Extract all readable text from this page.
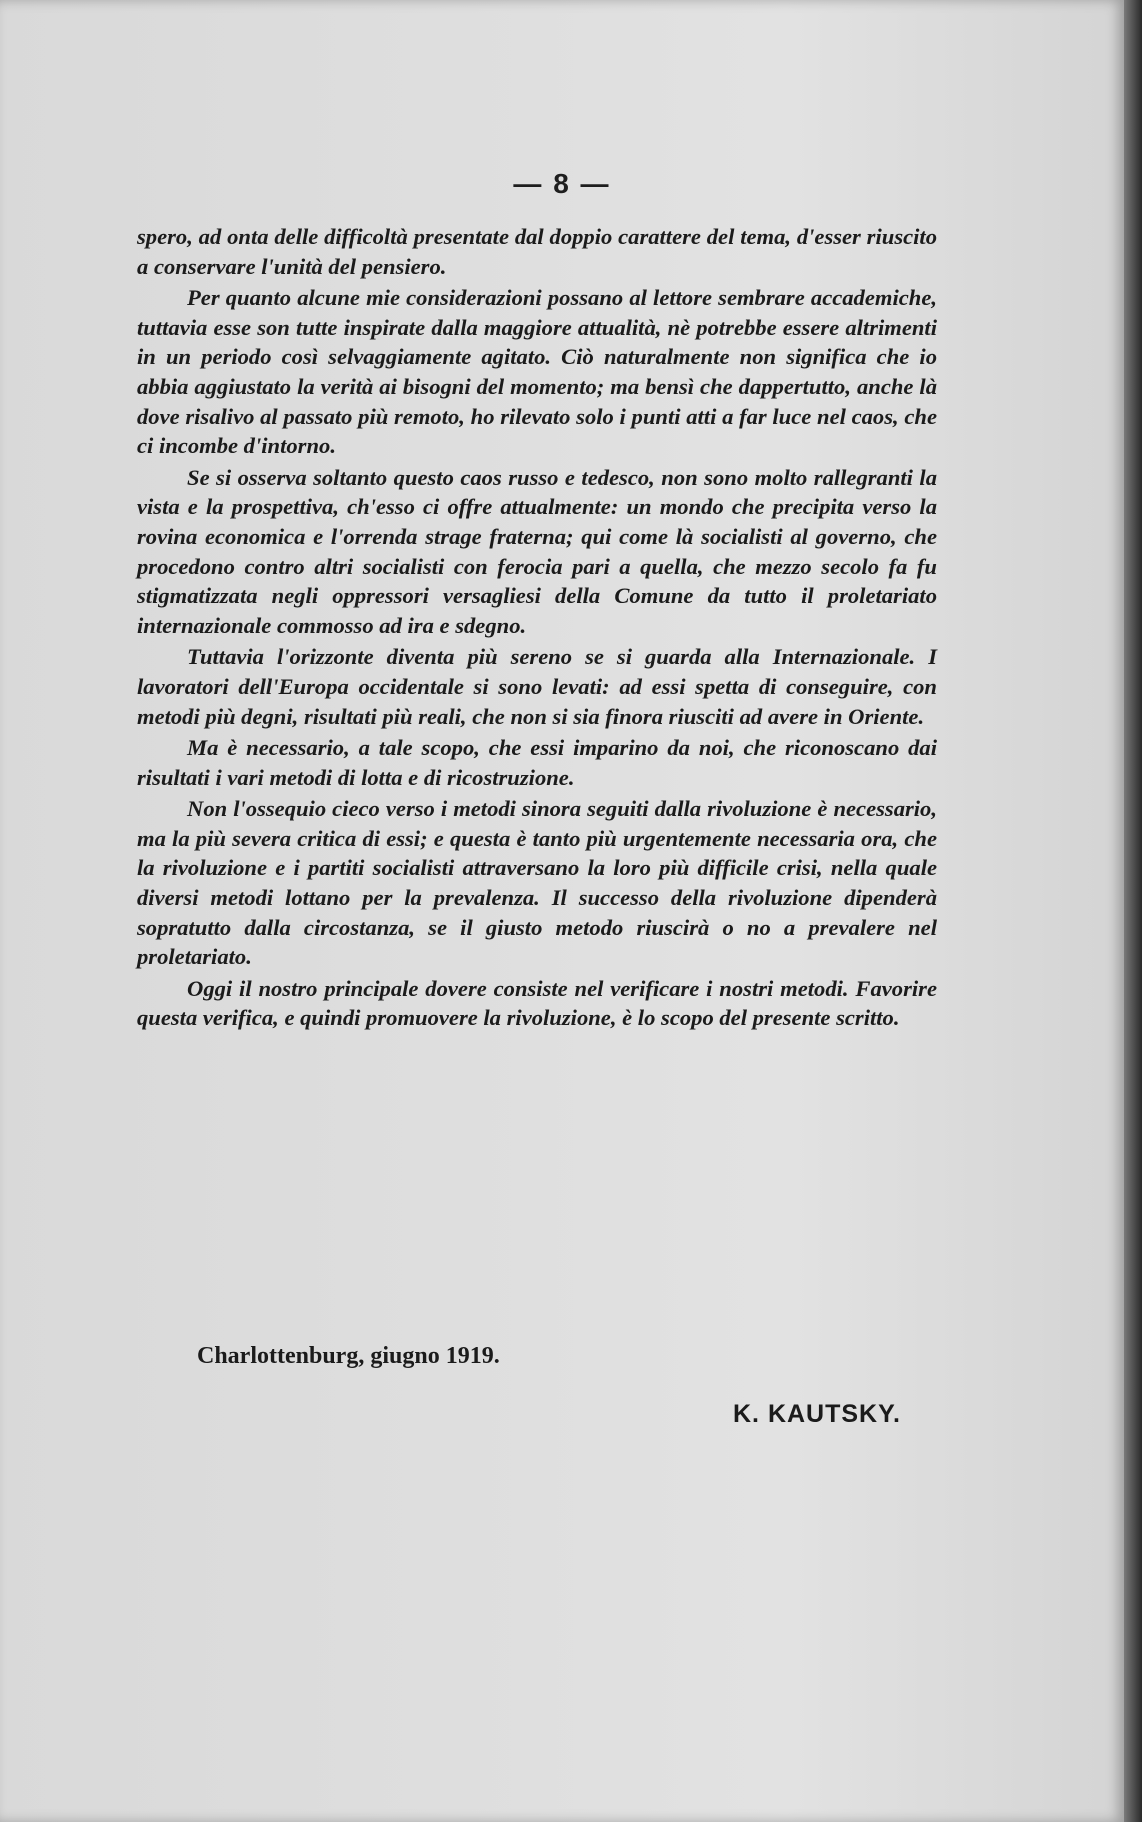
— 8 —

spero, ad onta delle difficoltà presentate dal doppio carattere del tema, d'esser riuscito a conservare l'unità del pensiero.

Per quanto alcune mie considerazioni possano al lettore sembrare accademiche, tuttavia esse son tutte inspirate dalla maggiore attualità, nè potrebbe essere altrimenti in un periodo così selvaggiamente agitato. Ciò naturalmente non significa che io abbia aggiustato la verità ai bisogni del momento; ma bensì che dappertutto, anche là dove risalivo al passato più remoto, ho rilevato solo i punti atti a far luce nel caos, che ci incombe d'intorno.

Se si osserva soltanto questo caos russo e tedesco, non sono molto rallegranti la vista e la prospettiva, ch'esso ci offre attualmente: un mondo che precipita verso la rovina economica e l'orrenda strage fraterna; qui come là socialisti al governo, che procedono contro altri socialisti con ferocia pari a quella, che mezzo secolo fa fu stigmatizzata negli oppressori versagliesi della Comune da tutto il proletariato internazionale commosso ad ira e sdegno.

Tuttavia l'orizzonte diventa più sereno se si guarda alla Internazionale. I lavoratori dell'Europa occidentale si sono levati: ad essi spetta di conseguire, con metodi più degni, risultati più reali, che non si sia finora riusciti ad avere in Oriente.

Ma è necessario, a tale scopo, che essi imparino da noi, che riconoscano dai risultati i vari metodi di lotta e di ricostruzione.

Non l'ossequio cieco verso i metodi sinora seguiti dalla rivoluzione è necessario, ma la più severa critica di essi; e questa è tanto più urgentemente necessaria ora, che la rivoluzione e i partiti socialisti attraversano la loro più difficile crisi, nella quale diversi metodi lottano per la prevalenza. Il successo della rivoluzione dipenderà sopratutto dalla circostanza, se il giusto metodo riuscirà o no a prevalere nel proletariato.

Oggi il nostro principale dovere consiste nel verificare i nostri metodi. Favorire questa verifica, e quindi promuovere la rivoluzione, è lo scopo del presente scritto.

Charlottenburg, giugno 1919.
K. KAUTSKY.
